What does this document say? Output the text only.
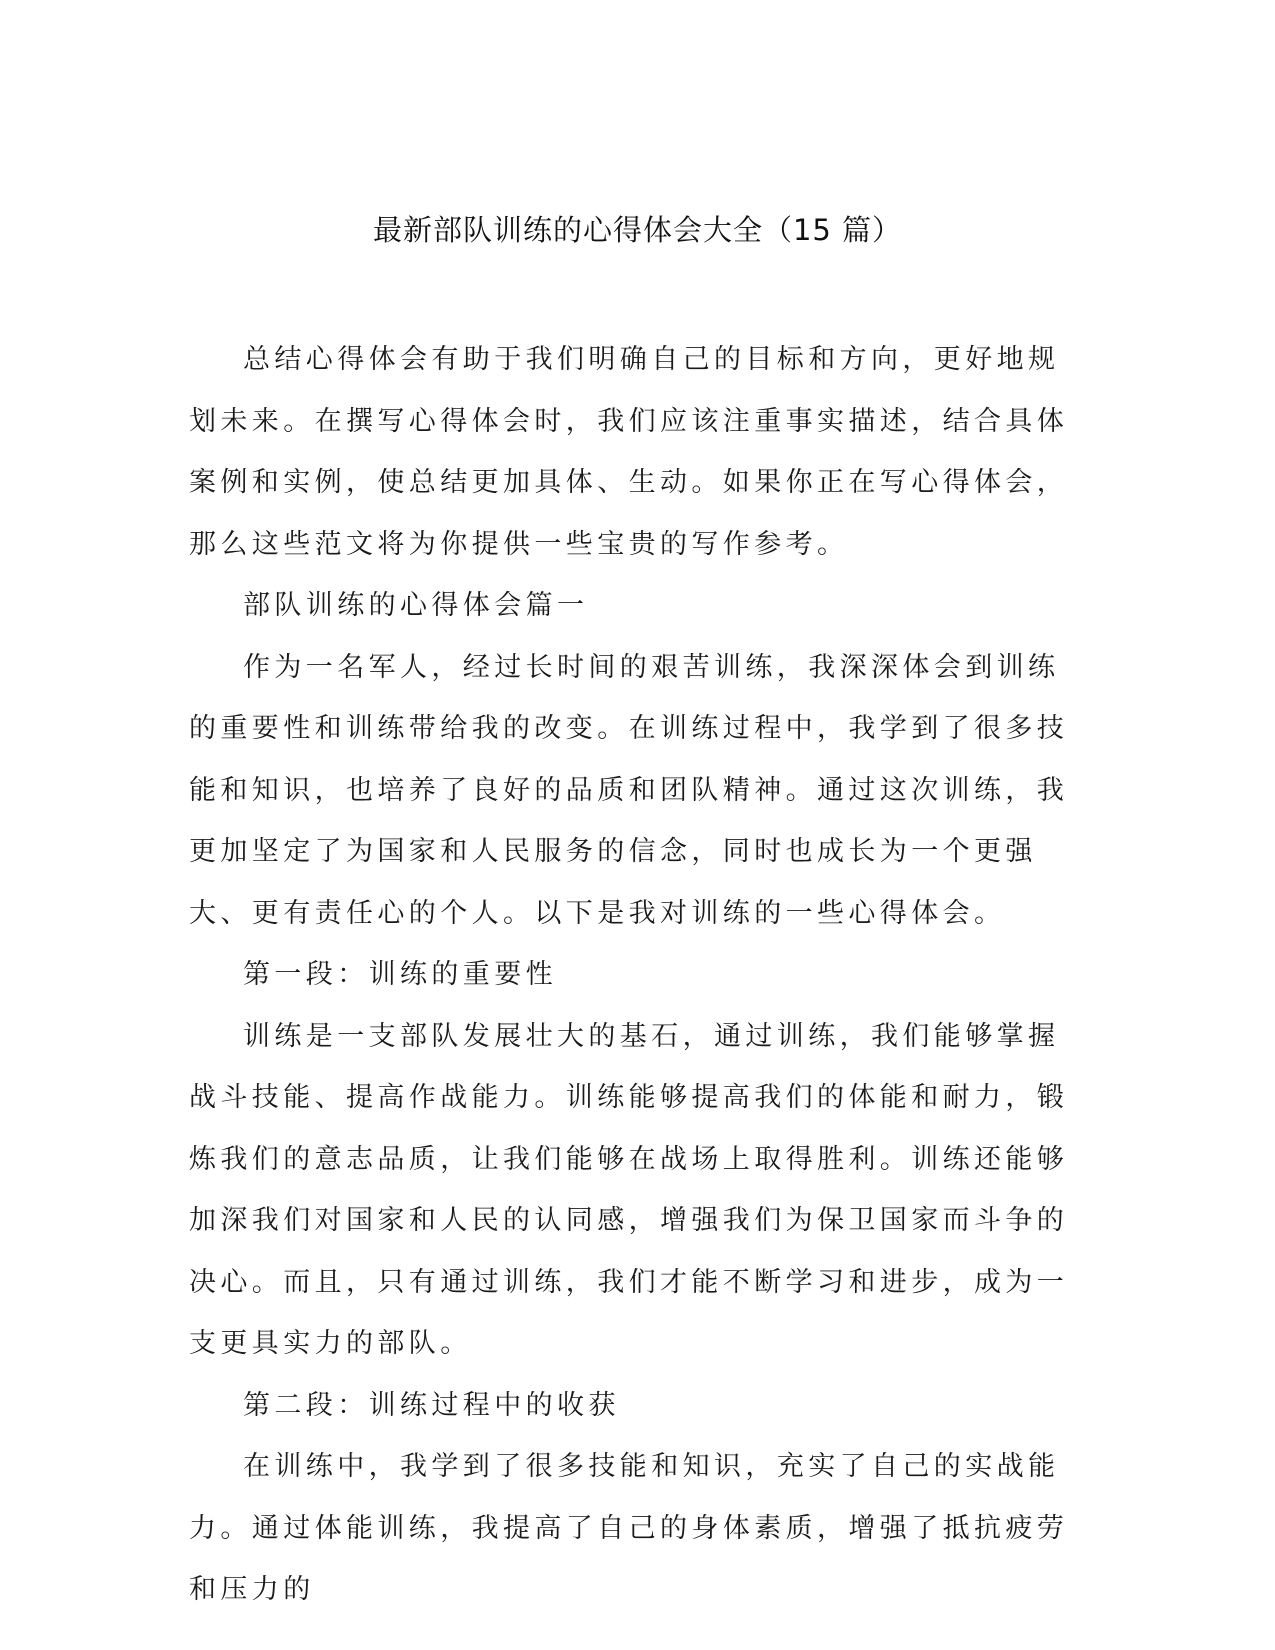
最新部队训练的心得体会大全（15 篇）

总结心得体会有助于我们明确自己的目标和方向，更好地规划未来。在撰写心得体会时，我们应该注重事实描述，结合具体案例和实例，使总结更加具体、生动。如果你正在写心得体会，那么这些范文将为你提供一些宝贵的写作参考。

部队训练的心得体会篇一

作为一名军人，经过长时间的艰苦训练，我深深体会到训练的重要性和训练带给我的改变。在训练过程中，我学到了很多技能和知识，也培养了良好的品质和团队精神。通过这次训练，我更加坚定了为国家和人民服务的信念，同时也成长为一个更强大、更有责任心的个人。以下是我对训练的一些心得体会。

第一段：训练的重要性

训练是一支部队发展壮大的基石，通过训练，我们能够掌握战斗技能、提高作战能力。训练能够提高我们的体能和耐力，锻炼我们的意志品质，让我们能够在战场上取得胜利。训练还能够加深我们对国家和人民的认同感，增强我们为保卫国家而斗争的决心。而且，只有通过训练，我们才能不断学习和进步，成为一支更具实力的部队。

第二段：训练过程中的收获

在训练中，我学到了很多技能和知识，充实了自己的实战能力。通过体能训练，我提高了自己的身体素质，增强了抵抗疲劳和压力的
